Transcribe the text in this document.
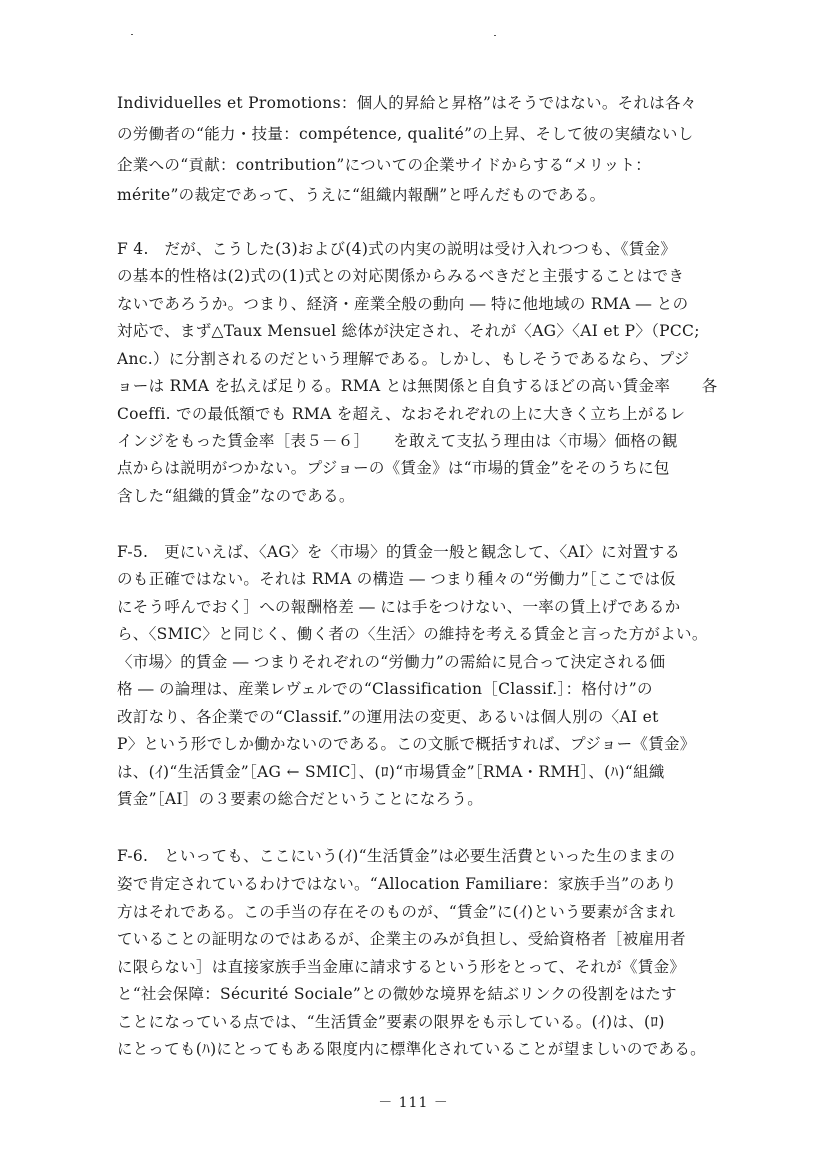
Individuelles et Promotions：個人的昇給と昇格”はそうではない。それは各々
の労働者の“能力・技量：compétence, qualité”の上昇、そして彼の実績ないし
企業への“貢献：contribution”についての企業サイドからする“メリット：
mérite”の裁定であって、うえに“組織内報酬”と呼んだものである。
F 4.　だが、こうした(3)および(4)式の内実の説明は受け入れつつも、《賃金》
の基本的性格は(2)式の(1)式との対応関係からみるべきだと主張することはでき
ないであろうか。つまり、経済・産業全般の動向 ― 特に他地域の RMA ― との
対応で、まず△Taux Mensuel 総体が決定され、それが〈AG〉〈AI et P〉（PCC;
Anc.）に分割されるのだという理解である。しかし、もしそうであるなら、プジ
ョーは RMA を払えば足りる。RMA とは無関係と自負するほどの高い賃金率　　各
Coeffi. での最低額でも RMA を超え、なおそれぞれの上に大きく立ち上がるレ
インジをもった賃金率［表５－６］　　を敢えて支払う理由は〈市場〉価格の観
点からは説明がつかない。プジョーの《賃金》は“市場的賃金”をそのうちに包
含した“組織的賃金”なのである。
F-5.　更にいえば、〈AG〉を〈市場〉的賃金一般と観念して、〈AI〉に対置する
のも正確ではない。それは RMA の構造 ― つまり種々の“労働力”［ここでは仮
にそう呼んでおく］への報酬格差 ― には手をつけない、一率の賃上げであるか
ら、〈SMIC〉と同じく、働く者の〈生活〉の維持を考える賃金と言った方がよい。
〈市場〉的賃金 ― つまりそれぞれの“労働力”の需給に見合って決定される価
格 ― の論理は、産業レヴェルでの“Classification［Classif.］：格付け”の
改訂なり、各企業での“Classif.”の運用法の変更、あるいは個人別の〈AI et
P〉という形でしか働かないのである。この文脈で概括すれば、プジョー《賃金》
は、(ｲ)“生活賃金”［AG ← SMIC］、(ﾛ)“市場賃金”［RMA・RMH］、(ﾊ)“組織
賃金”［AI］の３要素の総合だということになろう。
F-6.　といっても、ここにいう(ｲ)“生活賃金”は必要生活費といった生のままの
姿で肯定されているわけではない。“Allocation Familiare：家族手当”のあり
方はそれである。この手当の存在そのものが、“賃金”に(ｲ)という要素が含まれ
ていることの証明なのではあるが、企業主のみが負担し、受給資格者［被雇用者
に限らない］は直接家族手当金庫に請求するという形をとって、それが《賃金》
と“社会保障：Sécurité Sociale”との微妙な境界を結ぶリンクの役割をはたす
ことになっている点では、“生活賃金”要素の限界をも示している。(ｲ)は、(ﾛ)
にとっても(ﾊ)にとってもある限度内に標準化されていることが望ましいのである。
－ 111 －
